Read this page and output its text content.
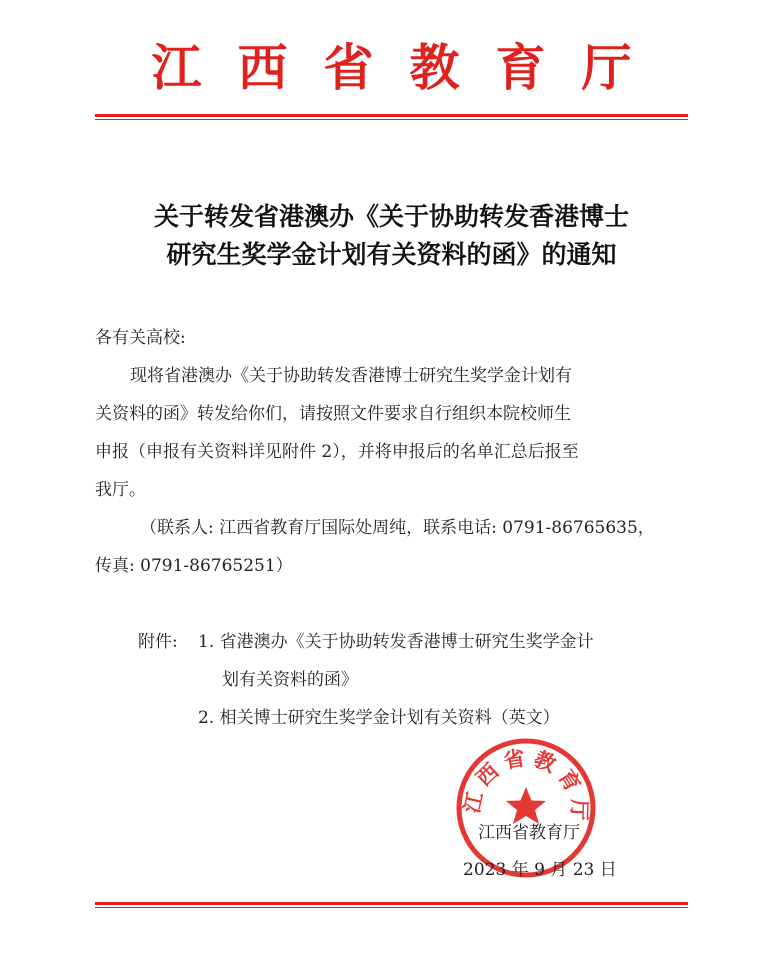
江西省教育厅
关于转发省港澳办《关于协助转发香港博士
研究生奖学金计划有关资料的函》的通知
各有关高校:
现将省港澳办《关于协助转发香港博士研究生奖学金计划有
关资料的函》转发给你们，请按照文件要求自行组织本院校师生
申报（申报有关资料详见附件 2），并将申报后的名单汇总后报至
我厅。
（联系人: 江西省教育厅国际处周纯，联系电话: 0791-86765635，
传真: 0791-86765251）
附件: 1. 省港澳办《关于协助转发香港博士研究生奖学金计
划有关资料的函》
2. 相关博士研究生奖学金计划有关资料（英文）
江西省教育厅
江西省教育厅
2023 年 9 月 23 日
